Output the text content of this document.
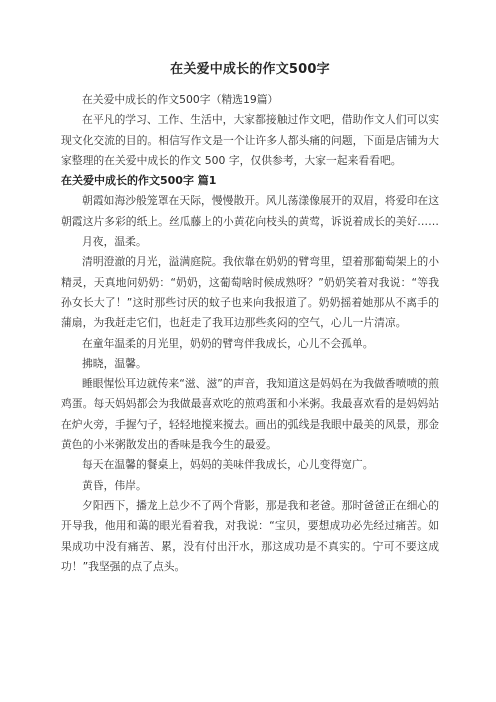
在关爱中成长的作文500字

在关爱中成长的作文500字（精选19篇）

在平凡的学习、工作、生活中，大家都接触过作文吧，借助作文人们可以实现文化交流的目的。相信写作文是一个让许多人都头痛的问题，下面是店铺为大家整理的在关爱中成长的作文 500 字，仅供参考，大家一起来看看吧。

在关爱中成长的作文500字 篇1

朝霞如海沙般笼罩在天际，慢慢散开。风儿荡漾像展开的双眉，将爱印在这朝霞这片多彩的纸上。丝瓜藤上的小黄花向枝头的黄莺，诉说着成长的美好……

月夜，温柔。

清明澄澈的月光，溢满庭院。我依靠在奶奶的臂弯里，望着那葡萄架上的小精灵，天真地问奶奶：“奶奶，这葡萄啥时候成熟呀？”奶奶笑着对我说：“等我孙女长大了！”这时那些讨厌的蚊子也来向我报道了。奶奶摇着她那从不离手的蒲扇，为我赶走它们，也赶走了我耳边那些炙闷的空气，心儿一片清凉。

在童年温柔的月光里，奶奶的臂弯伴我成长，心儿不会孤单。

拂晓，温馨。

睡眼惺忪耳边就传来“滋、滋”的声音，我知道这是妈妈在为我做香喷喷的煎鸡蛋。每天妈妈都会为我做最喜欢吃的煎鸡蛋和小米粥。我最喜欢看的是妈妈站在炉火旁，手握勺子，轻轻地搅来搅去。画出的弧线是我眼中最美的风景，那金黄色的小米粥散发出的香味是我今生的最爱。

每天在温馨的餐桌上，妈妈的美味伴我成长，心儿变得宽广。

黄昏，伟岸。

夕阳西下，播龙上总少不了两个背影，那是我和老爸。那时爸爸正在细心的开导我，他用和蔼的眼光看着我，对我说：“宝贝，要想成功必先经过痛苦。如果成功中没有痛苦、累，没有付出汗水，那这成功是不真实的。宁可不要这成功！”我坚强的点了点头。
